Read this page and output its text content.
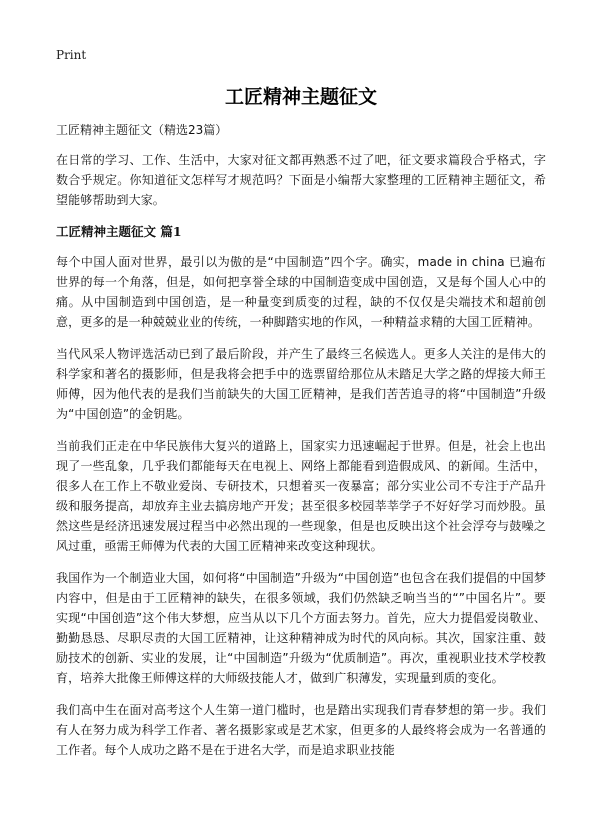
Print
工匠精神主题征文
工匠精神主题征文（精选23篇）

在日常的学习、工作、生活中，大家对征文都再熟悉不过了吧，征文要求篇段合乎格式，字数合乎规定。你知道征文怎样写才规范吗？下面是小编帮大家整理的工匠精神主题征文，希望能够帮助到大家。

工匠精神主题征文 篇1

每个中国人面对世界，最引以为傲的是“中国制造”四个字。确实，made in china 已遍布世界的每一个角落，但是，如何把享誉全球的中国制造变成中国创造，又是每个国人心中的痛。从中国制造到中国创造，是一种量变到质变的过程，缺的不仅仅是尖端技术和超前创意，更多的是一种兢兢业业的传统，一种脚踏实地的作风，一种精益求精的大国工匠精神。

当代风采人物评选活动已到了最后阶段，并产生了最终三名候选人。更多人关注的是伟大的科学家和著名的摄影师，但是我将会把手中的选票留给那位从未踏足大学之路的焊接大师王师傅，因为他代表的是我们当前缺失的大国工匠精神，是我们苦苦追寻的将“中国制造”升级为“中国创造”的金钥匙。

当前我们正走在中华民族伟大复兴的道路上，国家实力迅速崛起于世界。但是，社会上也出现了一些乱象，几乎我们都能每天在电视上、网络上都能看到造假成风、的新闻。生活中，很多人在工作上不敬业爱岗、专研技术，只想着买一夜暴富；部分实业公司不专注于产品升级和服务提高，却放弃主业去搞房地产开发；甚至很多校园莘莘学子不好好学习而炒股。虽然这些是经济迅速发展过程当中必然出现的一些现象，但是也反映出这个社会浮夸与鼓噪之风过重，亟需王师傅为代表的大国工匠精神来改变这种现状。

我国作为一个制造业大国，如何将“中国制造”升级为“中国创造”也包含在我们提倡的中国梦内容中，但是由于工匠精神的缺失，在很多领域，我们仍然缺乏响当当的“”中国名片”。要实现“中国创造”这个伟大梦想，应当从以下几个方面去努力。首先，应大力提倡爱岗敬业、勤勤恳恳、尽职尽责的大国工匠精神，让这种精神成为时代的风向标。其次，国家注重、鼓励技术的创新、实业的发展，让“中国制造”升级为“优质制造”。再次，重视职业技术学校教育，培养大批像王师傅这样的大师级技能人才，做到广积薄发，实现量到质的变化。

我们高中生在面对高考这个人生第一道门槛时，也是踏出实现我们青春梦想的第一步。我们有人在努力成为科学工作者、著名摄影家或是艺术家，但更多的人最终将会成为一名普通的工作者。每个人成功之路不是在于进名大学，而是追求职业技能
